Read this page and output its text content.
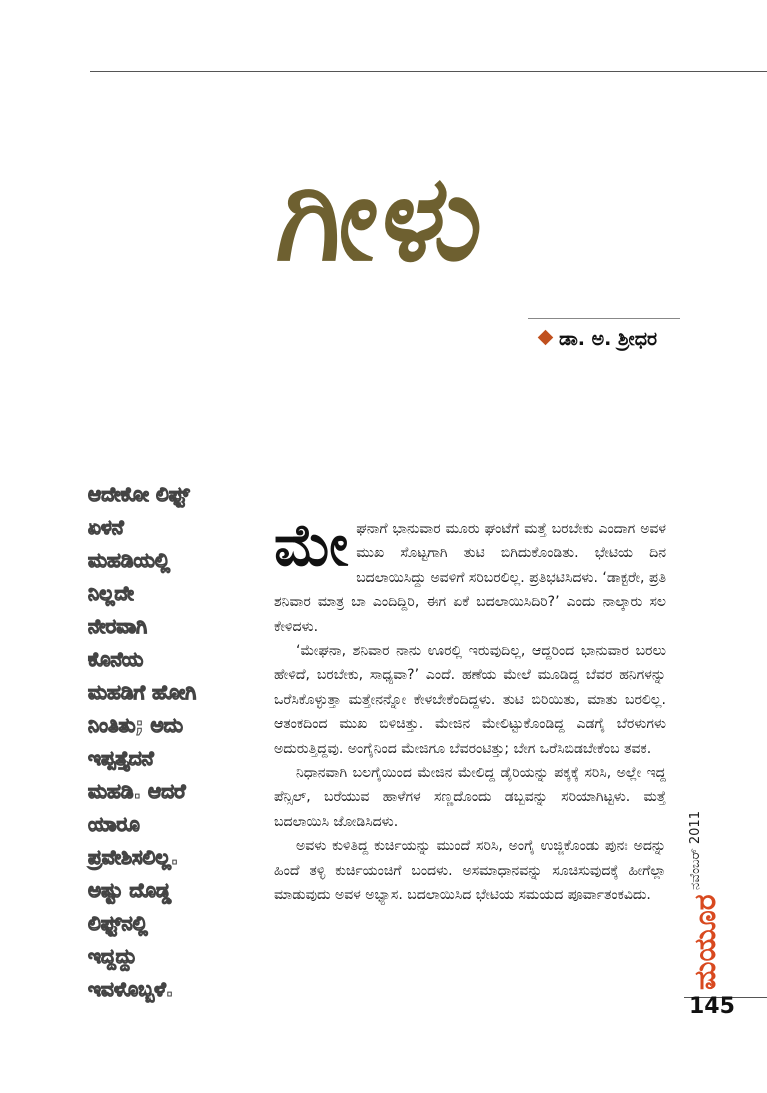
ಗೀಳು
ಡಾ. ಅ. ಶ್ರೀಧರ
ಆದೇಕೋ ಲಿಫ್ಟ್
ಏಳನೆ
ಮಹಡಿಯಲ್ಲಿ
ನಿಲ್ಲದೇ
ನೇರವಾಗಿ
ಕೊನೆಯ
ಮಹಡಿಗೆ ಹೋಗಿ
ನಿಂತಿತು; ಅದು
ಇಪ್ಪತ್ತೈದನೆ
ಮಹಡಿ. ಆದರೆ
ಯಾರೂ
ಪ್ರವೇಶಿಸಲಿಲ್ಲ.
ಅಷ್ಟು ದೊಡ್ಡ
ಲಿಫ್ಟ್‌ನಲ್ಲಿ
ಇದ್ದದ್ದು
ಇವಳೊಬ್ಬಳೆ.

ಮೇ ಘನಾಗೆ ಭಾನುವಾರ ಮೂರು ಘಂಟೆಗೆ ಮತ್ತೆ ಬರಬೇಕು ಎಂದಾಗ ಅವಳ ಮುಖ ಸೊಟ್ಟಗಾಗಿ ತುಟಿ ಬಿಗಿದುಕೊಂಡಿತು. ಭೇಟಿಯ ದಿನ ಬದಲಾಯಿಸಿದ್ದು ಅವಳಿಗೆ ಸರಿಬರಲಿಲ್ಲ. ಪ್ರತಿಭಟಿಸಿದಳು. ‘ಡಾಕ್ಟರೇ, ಪ್ರತಿ ಶನಿವಾರ ಮಾತ್ರ ಬಾ ಎಂದಿದ್ದಿರಿ, ಈಗ ಏಕೆ ಬದಲಾಯಿಸಿದಿರಿ?’ ಎಂದು ನಾಲ್ಕಾರು ಸಲ ಕೇಳಿದಳು.

‘ಮೇಘನಾ, ಶನಿವಾರ ನಾನು ಊರಲ್ಲಿ ಇರುವುದಿಲ್ಲ, ಆದ್ದರಿಂದ ಭಾನುವಾರ ಬರಲು ಹೇಳಿದೆ, ಬರಬೇಕು, ಸಾಧ್ಯವಾ?’ ಎಂದೆ. ಹಣೆಯ ಮೇಲೆ ಮೂಡಿದ್ದ ಬೆವರ ಹನಿಗಳನ್ನು ಒರೆಸಿಕೊಳ್ಳುತ್ತಾ ಮತ್ತೇನನ್ನೋ ಕೇಳಬೇಕೆಂದಿದ್ದಳು. ತುಟಿ ಬಿರಿಯಿತು, ಮಾತು ಬರಲಿಲ್ಲ. ಆತಂಕದಿಂದ ಮುಖ ಬಿಳಿಚಿತ್ತು. ಮೇಜಿನ ಮೇಲಿಟ್ಟುಕೊಂಡಿದ್ದ ಎಡಗೈ ಬೆರಳುಗಳು ಅದುರುತ್ತಿದ್ದವು. ಅಂಗೈನಿಂದ ಮೇಜಿಗೂ ಬೆವರಂಟಿತ್ತು; ಬೇಗ ಒರೆಸಿಬಿಡಬೇಕೆಂಬ ತವಕ.

ನಿಧಾನವಾಗಿ ಬಲಗೈಯಿಂದ ಮೇಜಿನ ಮೇಲಿದ್ದ ಡೈರಿಯನ್ನು ಪಕ್ಕಕ್ಕೆ ಸರಿಸಿ, ಅಲ್ಲೇ ಇದ್ದ ಪೆನ್ಸಿಲ್, ಬರೆಯುವ ಹಾಳೆಗಳ ಸಣ್ಣದೊಂದು ಡಬ್ಬವನ್ನು ಸರಿಯಾಗಿಟ್ಟಳು. ಮತ್ತೆ ಬದಲಾಯಿಸಿ ಜೋಡಿಸಿದಳು.

ಅವಳು ಕುಳಿತಿದ್ದ ಕುರ್ಚಿಯನ್ನು ಮುಂದೆ ಸರಿಸಿ, ಅಂಗೈ ಉಜ್ಜಿಕೊಂಡು ಪುನಃ ಅದನ್ನು ಹಿಂದೆ ತಳ್ಳಿ ಕುರ್ಚಿಯಂಚಿಗೆ ಬಂದಳು. ಅಸಮಾಧಾನವನ್ನು ಸೂಚಿಸುವುದಕ್ಕೆ ಹೀಗೆಲ್ಲಾ ಮಾಡುವುದು ಅವಳ ಅಭ್ಯಾಸ. ಬದಲಾಯಿಸಿದ ಭೇಟಿಯ ಸಮಯದ ಪೂರ್ವಾತಂಕವಿದು.

ನವೆಂಬರ್ 2011
ಮಯೂರ
145
